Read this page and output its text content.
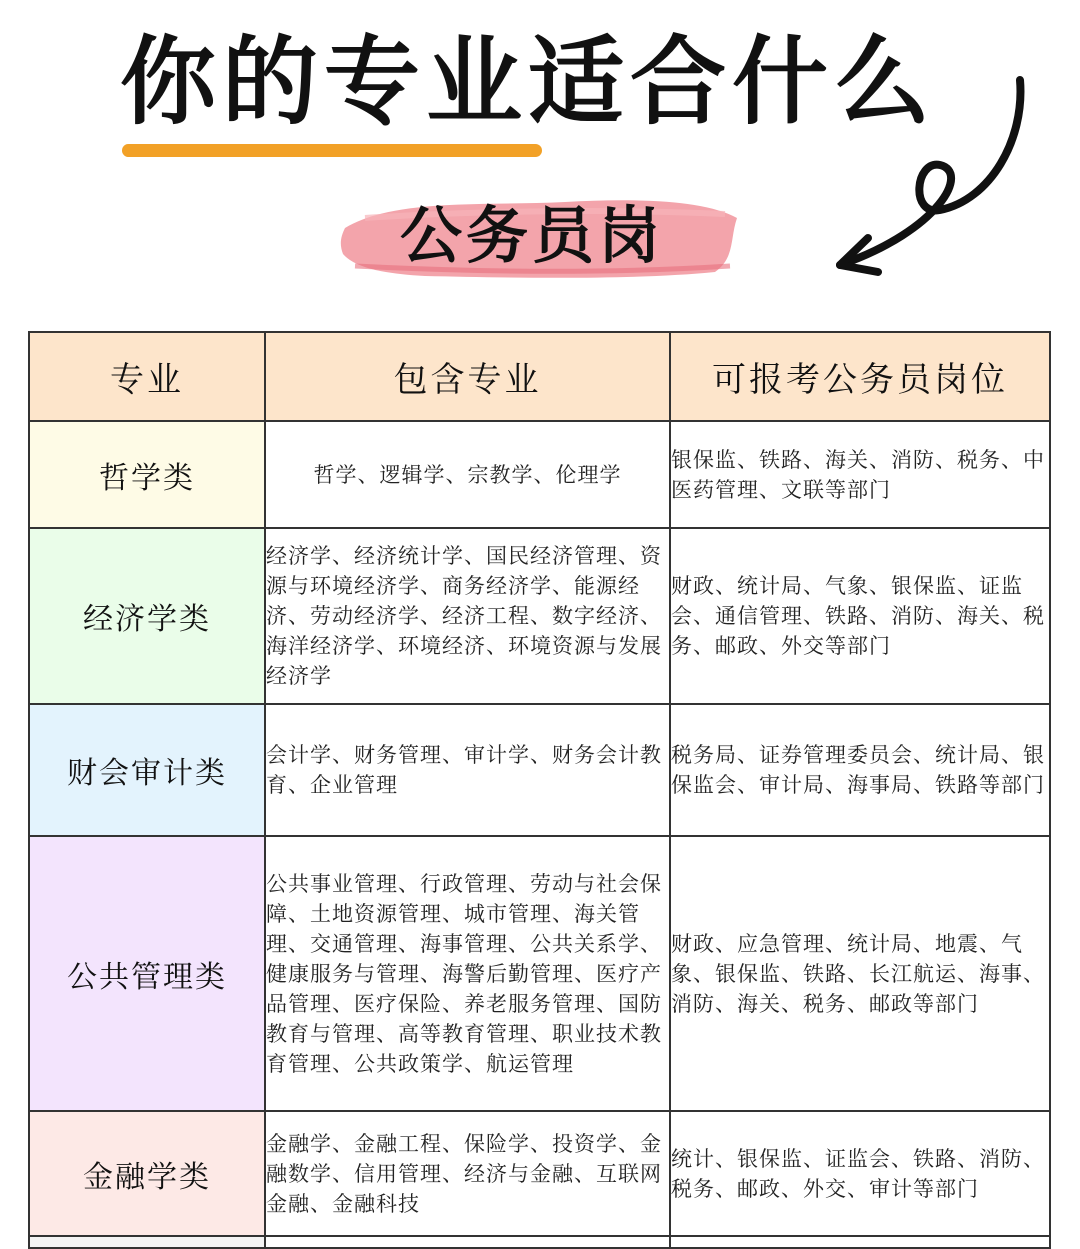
你的专业适合什么
公务员岗
专业	包含专业	可报考公务员岗位
哲学类	哲学、逻辑学、宗教学、伦理学	银保监、铁路、海关、消防、税务、中医药管理、文联等部门
经济学类	经济学、经济统计学、国民经济管理、资源与环境经济学、商务经济学、能源经济、劳动经济学、经济工程、数字经济、海洋经济学、环境经济、环境资源与发展经济学	财政、统计局、气象、银保监、证监会、通信管理、铁路、消防、海关、税务、邮政、外交等部门
财会审计类	会计学、财务管理、审计学、财务会计教育、企业管理	税务局、证券管理委员会、统计局、银保监会、审计局、海事局、铁路等部门
公共管理类	公共事业管理、行政管理、劳动与社会保障、土地资源管理、城市管理、海关管理、交通管理、海事管理、公共关系学、健康服务与管理、海警后勤管理、医疗产品管理、医疗保险、养老服务管理、国防教育与管理、高等教育管理、职业技术教育管理、公共政策学、航运管理	财政、应急管理、统计局、地震、气象、银保监、铁路、长江航运、海事、消防、海关、税务、邮政等部门
金融学类	金融学、金融工程、保险学、投资学、金融数学、信用管理、经济与金融、互联网金融、金融科技	统计、银保监、证监会、铁路、消防、税务、邮政、外交、审计等部门
